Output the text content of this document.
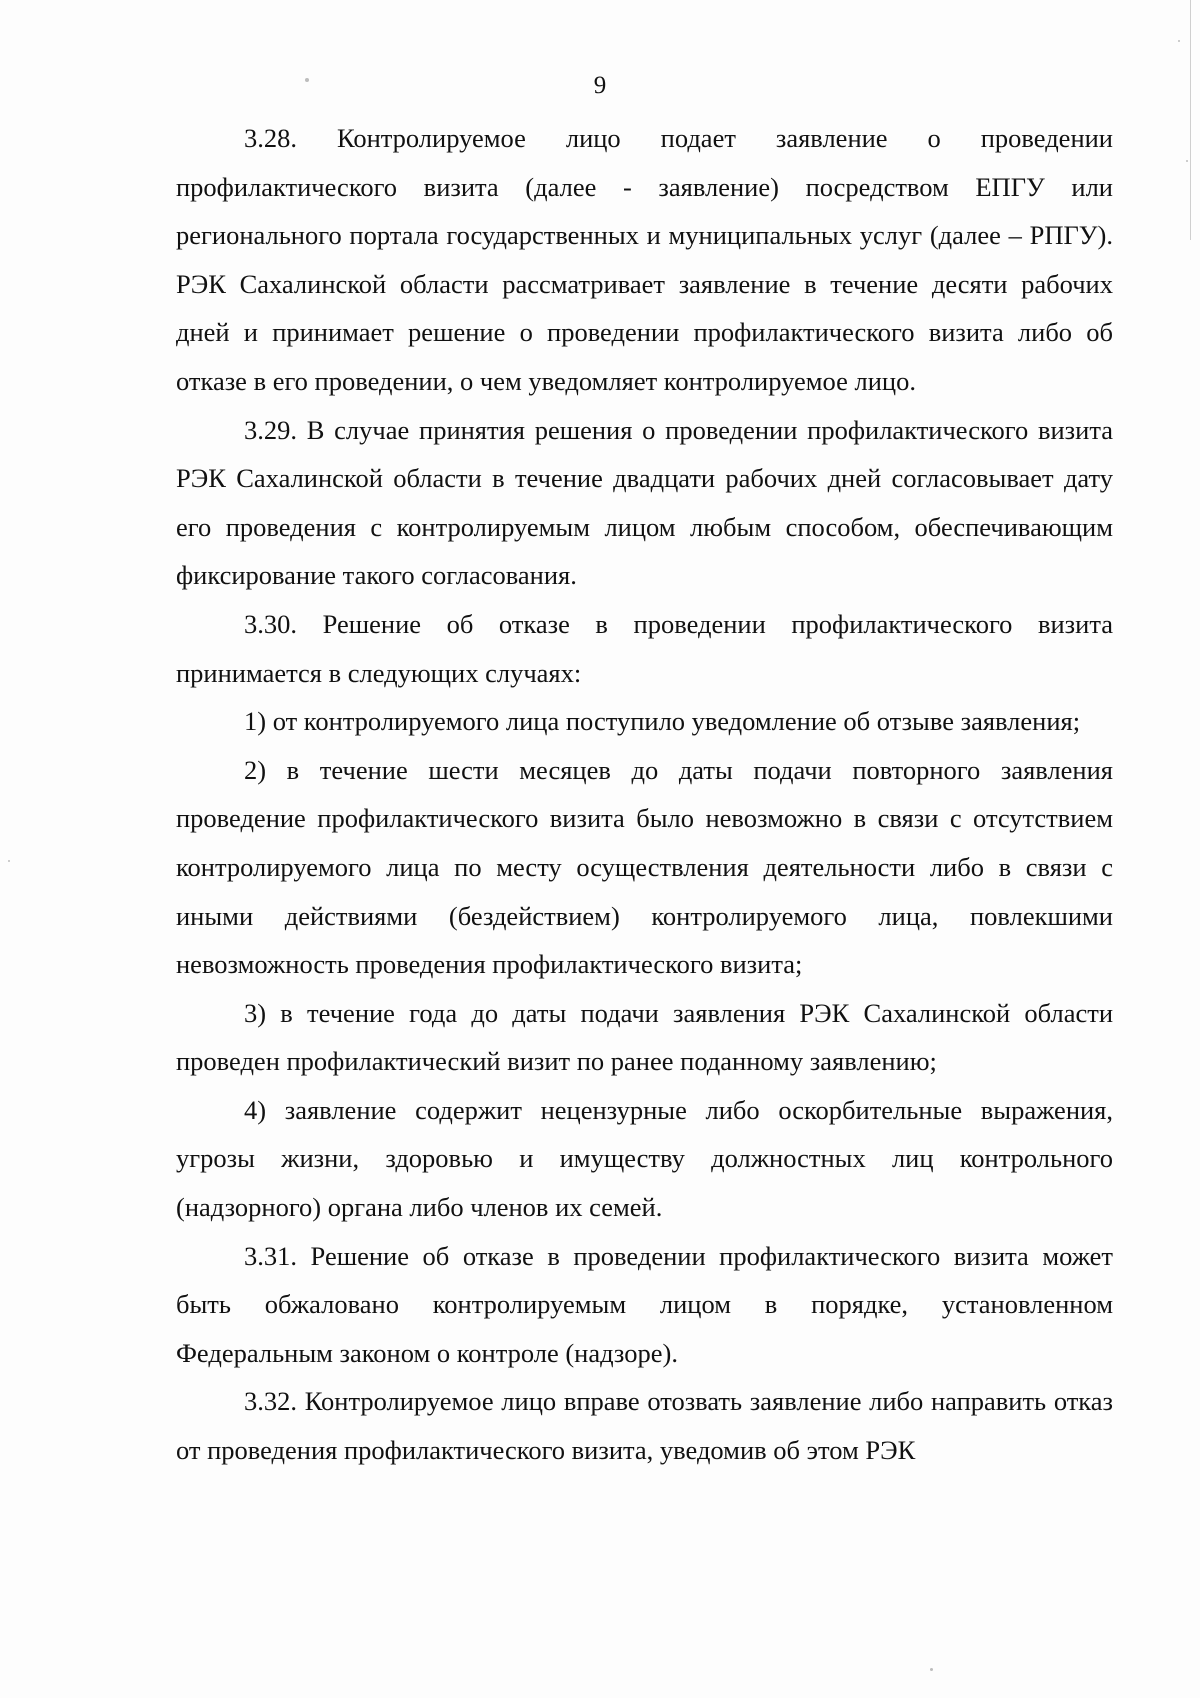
9

3.28. Контролируемое лицо подает заявление о проведении профилактического визита (далее - заявление) посредством ЕПГУ или регионального портала государственных и муниципальных услуг (далее – РПГУ). РЭК Сахалинской области рассматривает заявление в течение десяти рабочих дней и принимает решение о проведении профилактического визита либо об отказе в его проведении, о чем уведомляет контролируемое лицо.

3.29. В случае принятия решения о проведении профилактического визита РЭК Сахалинской области в течение двадцати рабочих дней согласовывает дату его проведения с контролируемым лицом любым способом, обеспечивающим фиксирование такого согласования.

3.30. Решение об отказе в проведении профилактического визита принимается в следующих случаях:

1) от контролируемого лица поступило уведомление об отзыве заявления;

2) в течение шести месяцев до даты подачи повторного заявления проведение профилактического визита было невозможно в связи с отсутствием контролируемого лица по месту осуществления деятельности либо в связи с иными действиями (бездействием) контролируемого лица, повлекшими невозможность проведения профилактического визита;

3) в течение года до даты подачи заявления РЭК Сахалинской области проведен профилактический визит по ранее поданному заявлению;

4) заявление содержит нецензурные либо оскорбительные выражения, угрозы жизни, здоровью и имуществу должностных лиц контрольного (надзорного) органа либо членов их семей.

3.31. Решение об отказе в проведении профилактического визита может быть обжаловано контролируемым лицом в порядке, установленном Федеральным законом о контроле (надзоре).

3.32. Контролируемое лицо вправе отозвать заявление либо направить отказ от проведения профилактического визита, уведомив об этом РЭК
